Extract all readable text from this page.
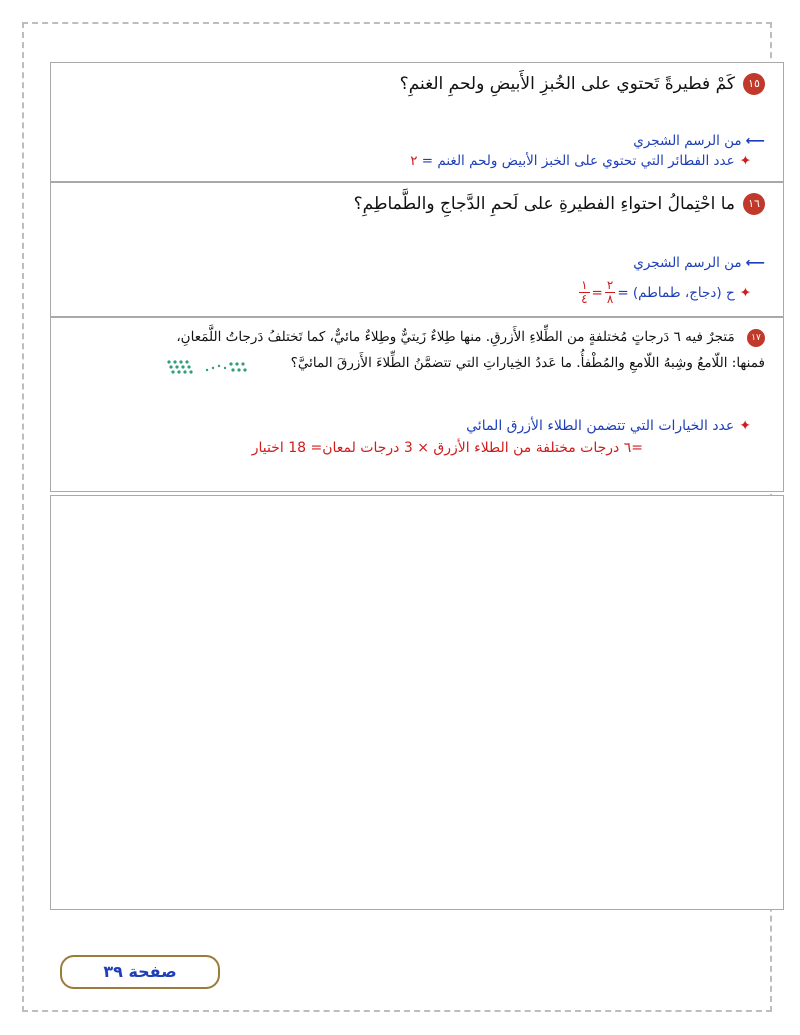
١٥
كَمْ فطيرةً تَحتوي على الخُبزِ الأَبيضِ ولحمِ الغنمِ؟
⟵من الرسم الشجري
✦عدد الفطائر التي تحتوي على الخبز الأبيض ولحم الغنم = ٢
١٦
ما احْتِمالُ احتواءِ الفطيرةِ على لَحمِ الدَّجاجِ والطَّماطِمِ؟
⟵من الرسم الشجري
✦
ح (دجاج، طماطم) =
$\frac{٢}{٨}$
=
$\frac{١}{٤}$
١٧ مَتجرٌ فيه ٦ دَرجاتٍ مُختلفةٍ من الطِّلاءِ الأَزرقِ. منها طِلاءٌ زَيتيٌّ وطِلاءٌ مائيٌّ، كما تَختلفُ دَرجاتُ اللَّمَعانِ،
فمنها: اللّامعُ وشِبهُ اللّامعِ والمُطْفأُ. ما عَددُ الخِياراتِ التي تتضمَّنُ الطِّلاءَ الأَزرقَ المائيَّ؟
✦عدد الخيارات التي تتضمن الطلاء الأزرق المائي
=٦ درجات مختلفة من الطلاء الأزرق × 3 درجات لمعان= 18 اختيار
صفحة ٣٩
